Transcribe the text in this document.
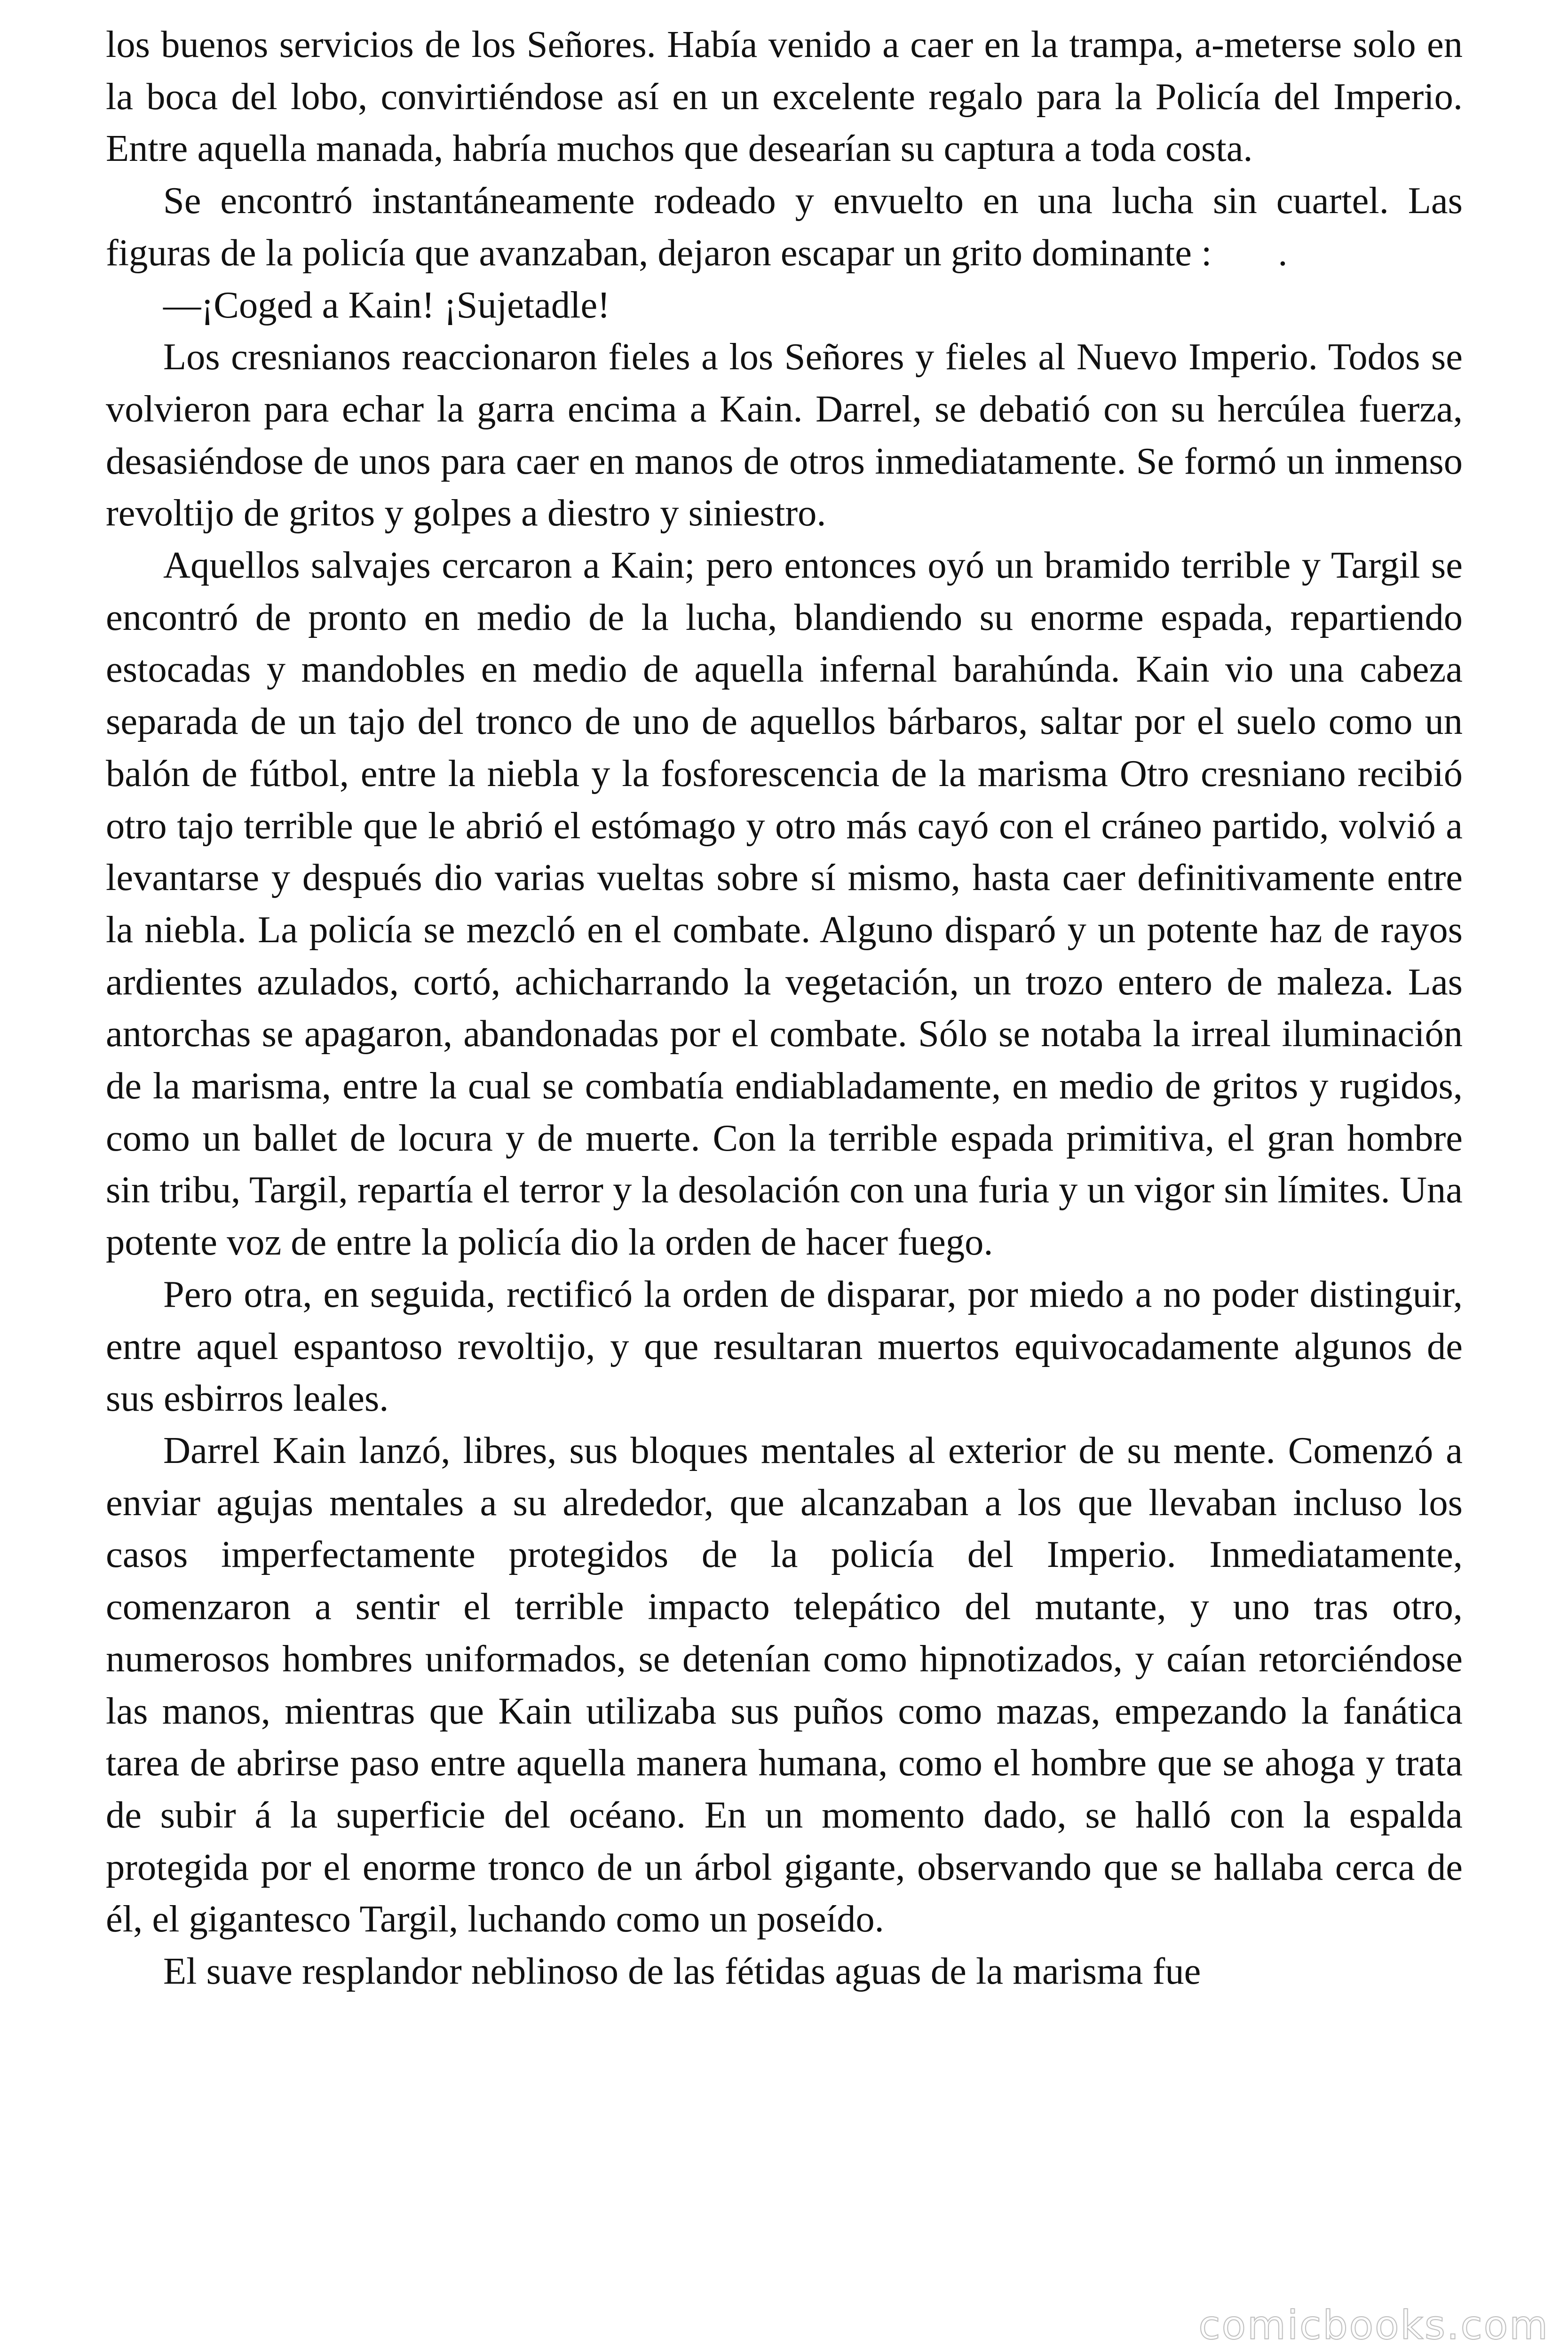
los buenos servicios de los Señores. Había venido a caer en la trampa, a-meterse solo en la boca del lobo, convirtiéndose así en un excelente regalo para la Policía del Imperio. Entre aquella manada, habría muchos que desearían su captura a toda costa.

Se encontró instantáneamente rodeado y envuelto en una lucha sin cuartel. Las figuras de la policía que avanzaban, dejaron escapar un grito dominante :       .

—¡Coged a Kain! ¡Sujetadle!

Los cresnianos reaccionaron fieles a los Señores y fieles al Nuevo Imperio. Todos se volvieron para echar la garra encima a Kain. Darrel, se debatió con su hercúlea fuerza, desasiéndose de unos para caer en manos de otros inmediatamente. Se formó un inmenso revoltijo de gritos y golpes a diestro y siniestro.

Aquellos salvajes cercaron a Kain; pero entonces oyó un bramido terrible y Targil se encontró de pronto en medio de la lucha, blandiendo su enorme espada, repartiendo estocadas y mandobles en medio de aquella infernal barahúnda. Kain vio una cabeza separada de un tajo del tronco de uno de aquellos bárbaros, saltar por el suelo como un balón de fútbol, entre la niebla y la fosforescencia de la marisma Otro cresniano recibió otro tajo terrible que le abrió el estómago y otro más cayó con el cráneo partido, volvió a levantarse y después dio varias vueltas sobre sí mismo, hasta caer definitivamente entre la niebla. La policía se mezcló en el combate. Alguno disparó y un potente haz de rayos ardientes azulados, cortó, achicharrando la vegetación, un trozo entero de maleza. Las antorchas se apagaron, abandonadas por el combate. Sólo se notaba la irreal iluminación de la marisma, entre la cual se combatía endiabladamente, en medio de gritos y rugidos, como un ballet de locura y de muerte. Con la terrible espada primitiva, el gran hombre sin tribu, Targil, repartía el terror y la desolación con una furia y un vigor sin límites. Una potente voz de entre la policía dio la orden de hacer fuego.

Pero otra, en seguida, rectificó la orden de disparar, por miedo a no poder distinguir, entre aquel espantoso revoltijo, y que resultaran muertos equivocadamente algunos de sus esbirros leales.

Darrel Kain lanzó, libres, sus bloques mentales al exterior de su mente. Comenzó a enviar agujas mentales a su alrededor, que alcanzaban a los que llevaban incluso los casos imperfectamente protegidos de la policía del Imperio. Inmediatamente, comenzaron a sentir el terrible impacto telepático del mutante, y uno tras otro, numerosos hombres uniformados, se detenían como hipnotizados, y caían retorciéndose las manos, mientras que Kain utilizaba sus puños como mazas, empezando la fanática tarea de abrirse paso entre aquella manera humana, como el hombre que se ahoga y trata de subir á la superficie del océano. En un momento dado, se halló con la espalda protegida por el enorme tronco de un árbol gigante, observando que se hallaba cerca de él, el gigantesco Targil, luchando como un poseído.

El suave resplandor neblinoso de las fétidas aguas de la marisma fue

comicbooks.com
